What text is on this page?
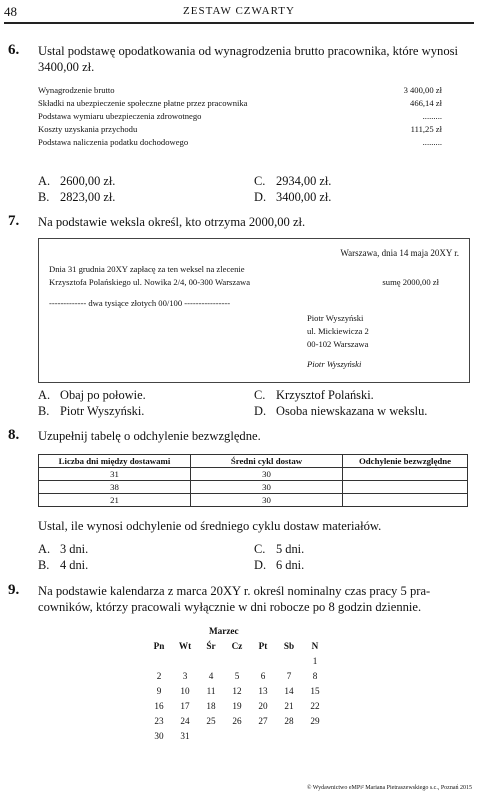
48	ZESTAW CZWARTY
6. Ustal podstawę opodatkowania od wynagrodzenia brutto pracownika, które wynosi 3400,00 zł.
Wynagrodzenie brutto	3 400,00 zł
Składki na ubezpieczenie społeczne płatne przez pracownika	466,14 zł
Podstawa wymiaru ubezpieczenia zdrowotnego	.........
Koszty uzyskania przychodu	111,25 zł
Podstawa naliczenia podatku dochodowego	.........
A. 2600,00 zł.	C. 2934,00 zł.
B. 2823,00 zł.	D. 3400,00 zł.
7. Na podstawie weksla określ, kto otrzyma 2000,00 zł.
Warszawa, dnia 14 maja 20XY r.
Dnia 31 grudnia 20XY zapłacę za ten weksel na zlecenie
Krzysztofa Polańskiego ul. Nowika 2/4, 00-300 Warszawa	sumę 2000,00 zł
------------- dwa tysiące złotych 00/100 ----------------
Piotr Wyszyński
ul. Mickiewicza 2
00-102 Warszawa
Piotr Wyszyński
A. Obaj po połowie.	C. Krzysztof Polański.
B. Piotr Wyszyński.	D. Osoba niewskazana w wekslu.
8. Uzupełnij tabelę o odchylenie bezwzględne.
Liczba dni między dostawami	Średni cykl dostaw	Odchylenie bezwzględne
31	30	
38	30	
21	30	
Ustal, ile wynosi odchylenie od średniego cyklu dostaw materiałów.
A. 3 dni.	C. 5 dni.
B. 4 dni.	D. 6 dni.
9. Na podstawie kalendarza z marca 20XY r. określ nominalny czas pracy 5 pra-
cowników, którzy pracowali wyłącznie w dni robocze po 8 godzin dziennie.
Marzec
Pn	Wt	Śr	Cz	Pt	Sb	N
						1
2	3	4	5	6	7	8
9	10	11	12	13	14	15
16	17	18	19	20	21	22
23	24	25	26	27	28	29
30	31					
© Wydawnictwo eMPi² Mariana Pietraszewskiego s.c., Poznań 2015
